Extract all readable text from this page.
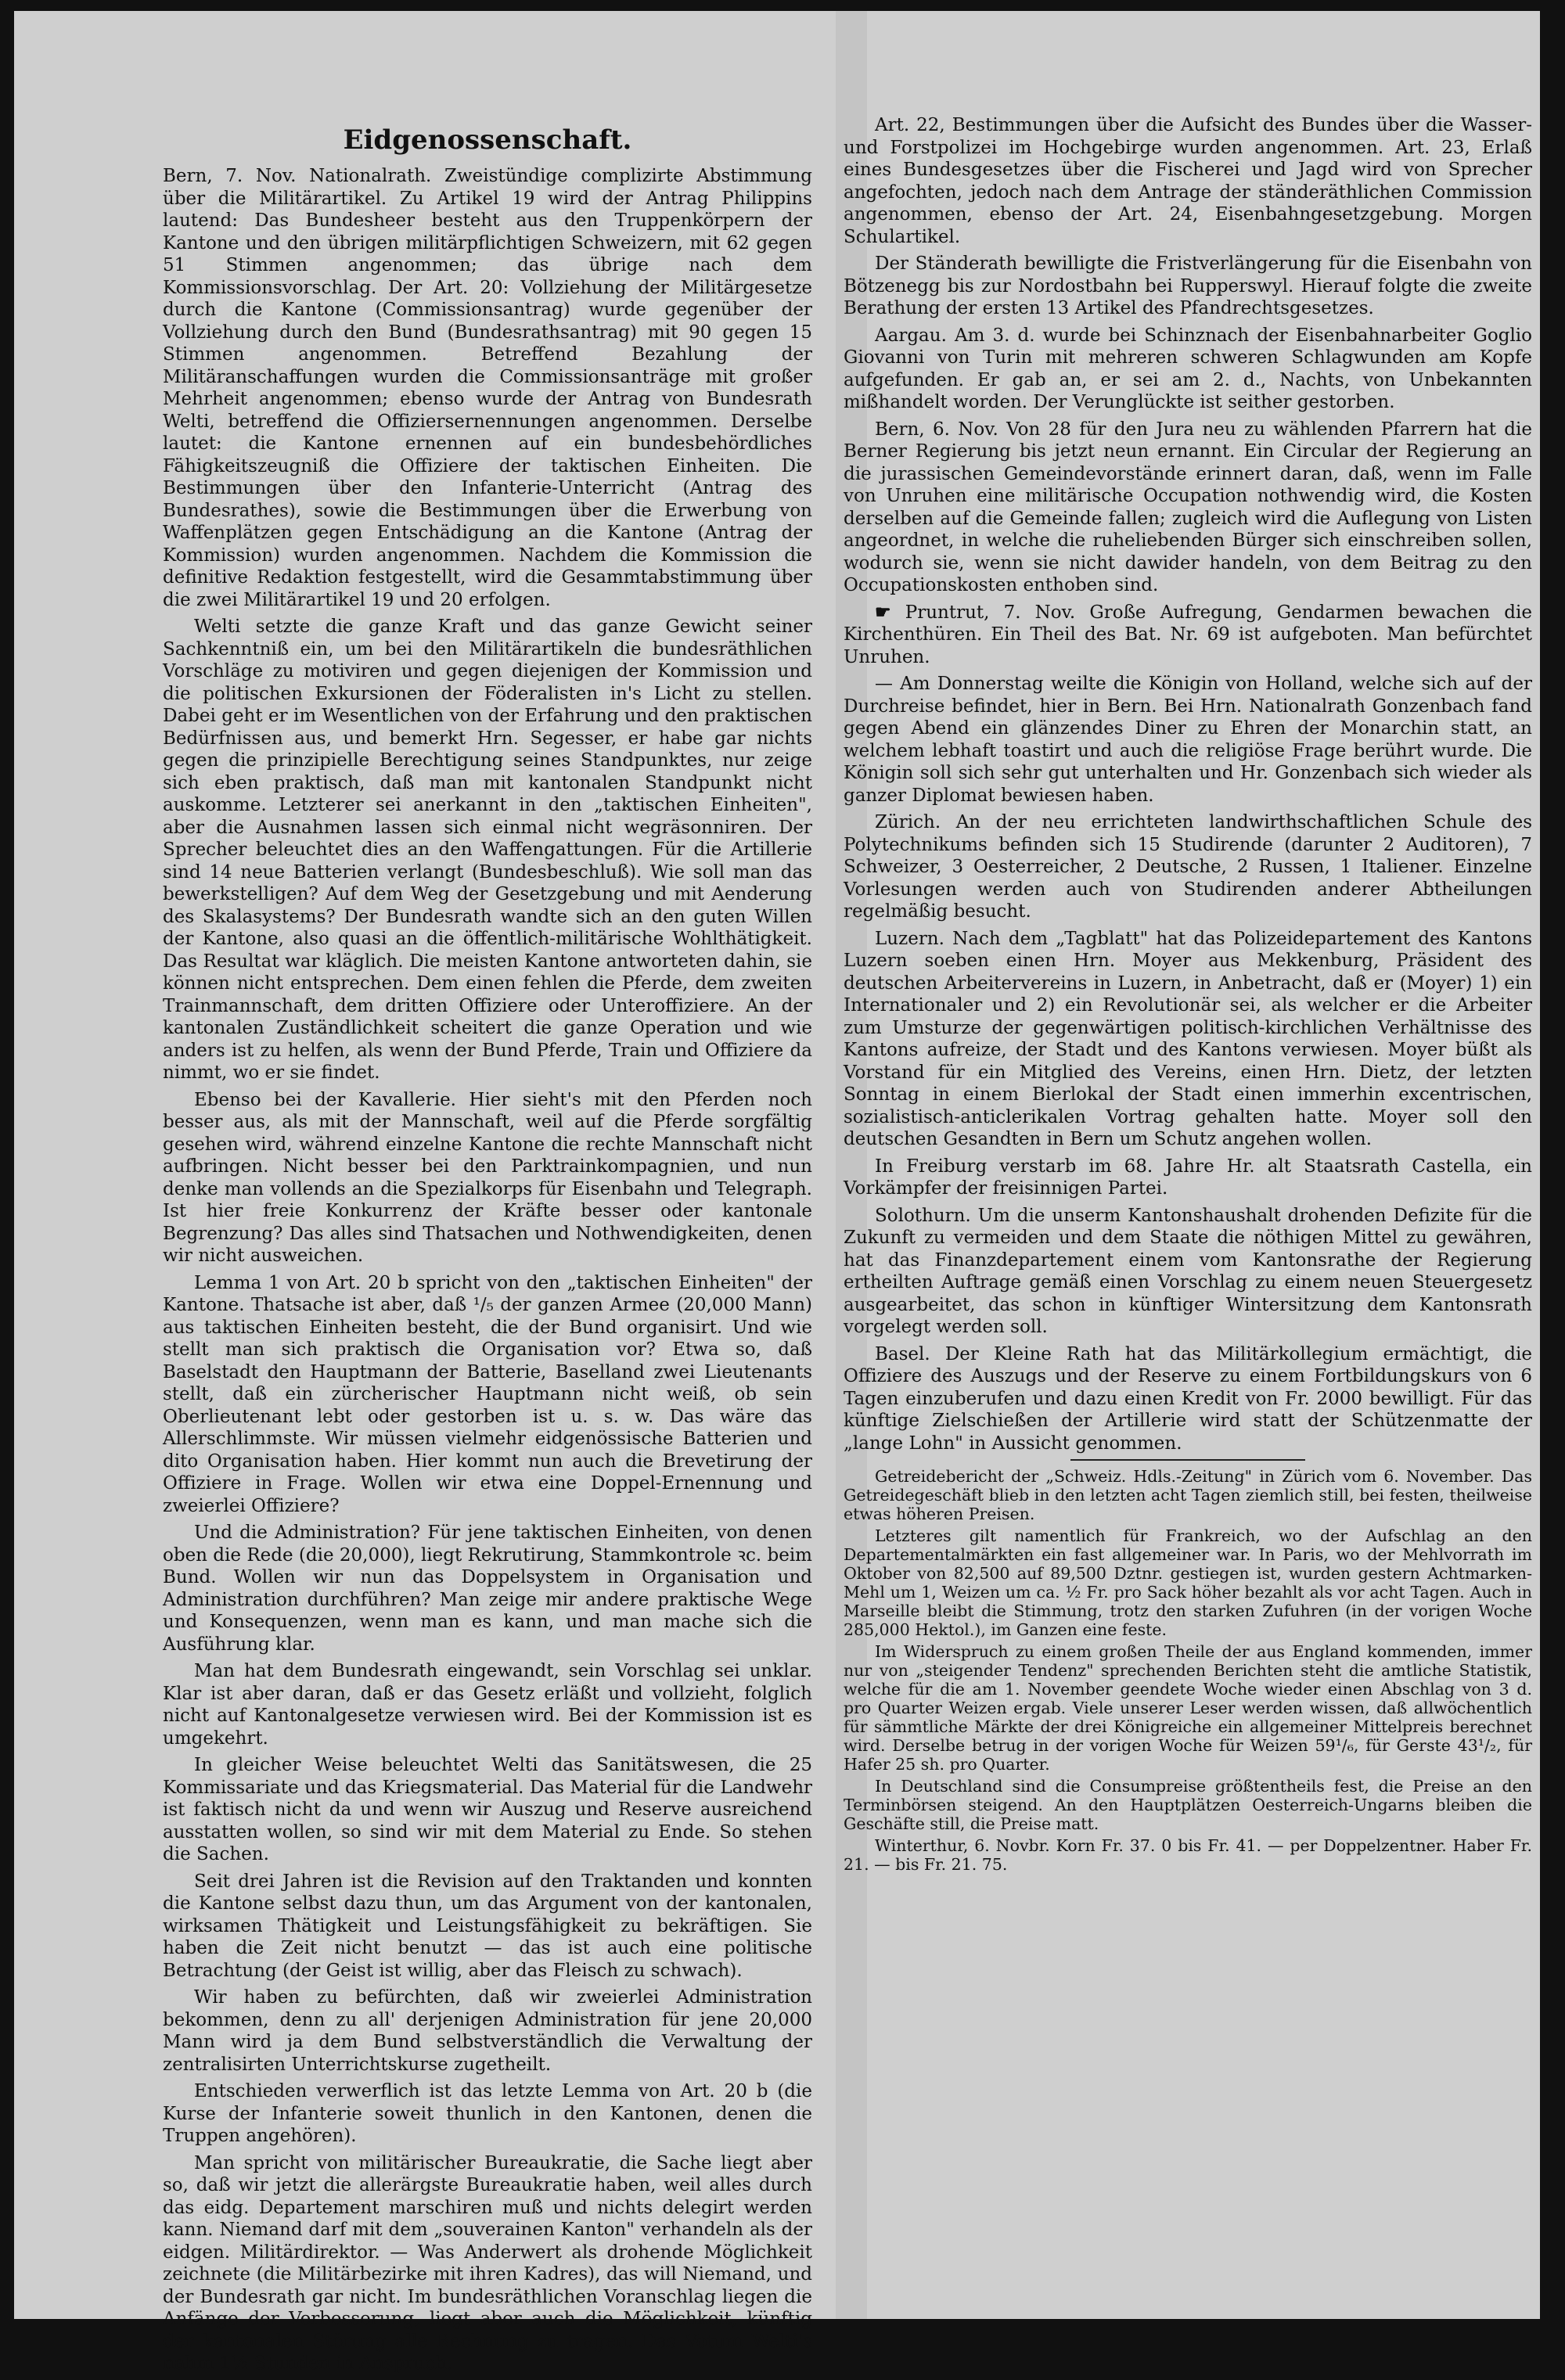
Eidgenossenschaft.

Bern, 7. Nov. Nationalrath. Zweistündige complizirte Abstimmung über die Militärartikel. Zu Artikel 19 wird der Antrag Philippins lautend: Das Bundesheer besteht aus den Truppenkörpern der Kantone und den übrigen militärpflichtigen Schweizern, mit 62 gegen 51 Stimmen angenommen; das übrige nach dem Kommissionsvorschlag. Der Art. 20: Vollziehung der Militärgesetze durch die Kantone (Commissionsantrag) wurde gegenüber der Vollziehung durch den Bund (Bundesrathsantrag) mit 90 gegen 15 Stimmen angenommen. Betreffend Bezahlung der Militäranschaffungen wurden die Commissionsanträge mit großer Mehrheit angenommen; ebenso wurde der Antrag von Bundesrath Welti, betreffend die Offiziersernennungen angenommen. Derselbe lautet: die Kantone ernennen auf ein bundesbehördliches Fähigkeitszeugniß die Offiziere der taktischen Einheiten. Die Bestimmungen über den Infanterie-Unterricht (Antrag des Bundesrathes), sowie die Bestimmungen über die Erwerbung von Waffenplätzen gegen Entschädigung an die Kantone (Antrag der Kommission) wurden angenommen. Nachdem die Kommission die definitive Redaktion festgestellt, wird die Gesammtabstimmung über die zwei Militärartikel 19 und 20 erfolgen.

Welti setzte die ganze Kraft und das ganze Gewicht seiner Sachkenntniß ein, um bei den Militärartikeln die bundesräthlichen Vorschläge zu motiviren und gegen diejenigen der Kommission und die politischen Exkursionen der Föderalisten in's Licht zu stellen. Dabei geht er im Wesentlichen von der Erfahrung und den praktischen Bedürfnissen aus, und bemerkt Hrn. Segesser, er habe gar nichts gegen die prinzipielle Berechtigung seines Standpunktes, nur zeige sich eben praktisch, daß man mit kantonalen Standpunkt nicht auskomme. Letzterer sei anerkannt in den „taktischen Einheiten", aber die Ausnahmen lassen sich einmal nicht wegräsonniren. Der Sprecher beleuchtet dies an den Waffengattungen. Für die Artillerie sind 14 neue Batterien verlangt (Bundesbeschluß). Wie soll man das bewerkstelligen? Auf dem Weg der Gesetzgebung und mit Aenderung des Skalasystems? Der Bundesrath wandte sich an den guten Willen der Kantone, also quasi an die öffentlich-militärische Wohlthätigkeit. Das Resultat war kläglich. Die meisten Kantone antworteten dahin, sie können nicht entsprechen. Dem einen fehlen die Pferde, dem zweiten Trainmannschaft, dem dritten Offiziere oder Unteroffiziere. An der kantonalen Zuständlichkeit scheitert die ganze Operation und wie anders ist zu helfen, als wenn der Bund Pferde, Train und Offiziere da nimmt, wo er sie findet.

Ebenso bei der Kavallerie. Hier sieht's mit den Pferden noch besser aus, als mit der Mannschaft, weil auf die Pferde sorgfältig gesehen wird, während einzelne Kantone die rechte Mannschaft nicht aufbringen. Nicht besser bei den Parktrainkompagnien, und nun denke man vollends an die Spezialkorps für Eisenbahn und Telegraph. Ist hier freie Konkurrenz der Kräfte besser oder kantonale Begrenzung? Das alles sind Thatsachen und Nothwendigkeiten, denen wir nicht ausweichen.

Lemma 1 von Art. 20 b spricht von den „taktischen Einheiten" der Kantone. Thatsache ist aber, daß ¹/₅ der ganzen Armee (20,000 Mann) aus taktischen Einheiten besteht, die der Bund organisirt. Und wie stellt man sich praktisch die Organisation vor? Etwa so, daß Baselstadt den Hauptmann der Batterie, Baselland zwei Lieutenants stellt, daß ein zürcherischer Hauptmann nicht weiß, ob sein Oberlieutenant lebt oder gestorben ist u. s. w. Das wäre das Allerschlimmste. Wir müssen vielmehr eidgenössische Batterien und dito Organisation haben. Hier kommt nun auch die Brevetirung der Offiziere in Frage. Wollen wir etwa eine Doppel-Ernennung und zweierlei Offiziere?

Und die Administration? Für jene taktischen Einheiten, von denen oben die Rede (die 20,000), liegt Rekrutirung, Stammkontrole ꝛc. beim Bund. Wollen wir nun das Doppelsystem in Organisation und Administration durchführen? Man zeige mir andere praktische Wege und Konsequenzen, wenn man es kann, und man mache sich die Ausführung klar.

Man hat dem Bundesrath eingewandt, sein Vorschlag sei unklar. Klar ist aber daran, daß er das Gesetz erläßt und vollzieht, folglich nicht auf Kantonalgesetze verwiesen wird. Bei der Kommission ist es umgekehrt.

In gleicher Weise beleuchtet Welti das Sanitätswesen, die 25 Kommissariate und das Kriegsmaterial. Das Material für die Landwehr ist faktisch nicht da und wenn wir Auszug und Reserve ausreichend ausstatten wollen, so sind wir mit dem Material zu Ende. So stehen die Sachen.

Seit drei Jahren ist die Revision auf den Traktanden und konnten die Kantone selbst dazu thun, um das Argument von der kantonalen, wirksamen Thätigkeit und Leistungsfähigkeit zu bekräftigen. Sie haben die Zeit nicht benutzt — das ist auch eine politische Betrachtung (der Geist ist willig, aber das Fleisch zu schwach).

Wir haben zu befürchten, daß wir zweierlei Administration bekommen, denn zu all' derjenigen Administration für jene 20,000 Mann wird ja dem Bund selbstverständlich die Verwaltung der zentralisirten Unterrichtskurse zugetheilt.

Entschieden verwerflich ist das letzte Lemma von Art. 20 b (die Kurse der Infanterie soweit thunlich in den Kantonen, denen die Truppen angehören).

Man spricht von militärischer Bureaukratie, die Sache liegt aber so, daß wir jetzt die allerärgste Bureaukratie haben, weil alles durch das eidg. Departement marschiren muß und nichts delegirt werden kann. Niemand darf mit dem „souverainen Kanton" verhandeln als der eidgen. Militärdirektor. — Was Anderwert als drohende Möglichkeit zeichnete (die Militärbezirke mit ihren Kadres), das will Niemand, und der Bundesrath gar nicht. Im bundesräthlichen Voranschlag liegen die Anfänge der Verbesserung, liegt aber auch die Möglichkeit, künftig der kantonalen Störung alle Rechnung zu tragen. Das Votum Welti's nahm 1½ Stunden in Anspruch.

Art. 22, Bestimmungen über die Aufsicht des Bundes über die Wasser- und Forstpolizei im Hochgebirge wurden angenommen. Art. 23, Erlaß eines Bundesgesetzes über die Fischerei und Jagd wird von Sprecher angefochten, jedoch nach dem Antrage der ständeräthlichen Commission angenommen, ebenso der Art. 24, Eisenbahngesetzgebung. Morgen Schulartikel.

Der Ständerath bewilligte die Fristverlängerung für die Eisenbahn von Bötzenegg bis zur Nordostbahn bei Rupperswyl. Hierauf folgte die zweite Berathung der ersten 13 Artikel des Pfandrechtsgesetzes.

Aargau. Am 3. d. wurde bei Schinznach der Eisenbahnarbeiter Goglio Giovanni von Turin mit mehreren schweren Schlagwunden am Kopfe aufgefunden. Er gab an, er sei am 2. d., Nachts, von Unbekannten mißhandelt worden. Der Verunglückte ist seither gestorben.

Bern, 6. Nov. Von 28 für den Jura neu zu wählenden Pfarrern hat die Berner Regierung bis jetzt neun ernannt. Ein Circular der Regierung an die jurassischen Gemeindevorstände erinnert daran, daß, wenn im Falle von Unruhen eine militärische Occupation nothwendig wird, die Kosten derselben auf die Gemeinde fallen; zugleich wird die Auflegung von Listen angeordnet, in welche die ruheliebenden Bürger sich einschreiben sollen, wodurch sie, wenn sie nicht dawider handeln, von dem Beitrag zu den Occupationskosten enthoben sind.

☛ Pruntrut, 7. Nov. Große Aufregung, Gendarmen bewachen die Kirchenthüren. Ein Theil des Bat. Nr. 69 ist aufgeboten. Man befürchtet Unruhen.

— Am Donnerstag weilte die Königin von Holland, welche sich auf der Durchreise befindet, hier in Bern. Bei Hrn. Nationalrath Gonzenbach fand gegen Abend ein glänzendes Diner zu Ehren der Monarchin statt, an welchem lebhaft toastirt und auch die religiöse Frage berührt wurde. Die Königin soll sich sehr gut unterhalten und Hr. Gonzenbach sich wieder als ganzer Diplomat bewiesen haben.

Zürich. An der neu errichteten landwirthschaftlichen Schule des Polytechnikums befinden sich 15 Studirende (darunter 2 Auditoren), 7 Schweizer, 3 Oesterreicher, 2 Deutsche, 2 Russen, 1 Italiener. Einzelne Vorlesungen werden auch von Studirenden anderer Abtheilungen regelmäßig besucht.

Luzern. Nach dem „Tagblatt" hat das Polizeidepartement des Kantons Luzern soeben einen Hrn. Moyer aus Mekkenburg, Präsident des deutschen Arbeitervereins in Luzern, in Anbetracht, daß er (Moyer) 1) ein Internationaler und 2) ein Revolutionär sei, als welcher er die Arbeiter zum Umsturze der gegenwärtigen politisch-kirchlichen Verhältnisse des Kantons aufreize, der Stadt und des Kantons verwiesen. Moyer büßt als Vorstand für ein Mitglied des Vereins, einen Hrn. Dietz, der letzten Sonntag in einem Bierlokal der Stadt einen immerhin excentrischen, sozialistisch-anticlerikalen Vortrag gehalten hatte. Moyer soll den deutschen Gesandten in Bern um Schutz angehen wollen.

In Freiburg verstarb im 68. Jahre Hr. alt Staatsrath Castella, ein Vorkämpfer der freisinnigen Partei.

Solothurn. Um die unserm Kantonshaushalt drohenden Defizite für die Zukunft zu vermeiden und dem Staate die nöthigen Mittel zu gewähren, hat das Finanzdepartement einem vom Kantonsrathe der Regierung ertheilten Auftrage gemäß einen Vorschlag zu einem neuen Steuergesetz ausgearbeitet, das schon in künftiger Wintersitzung dem Kantonsrath vorgelegt werden soll.

Basel. Der Kleine Rath hat das Militärkollegium ermächtigt, die Offiziere des Auszugs und der Reserve zu einem Fortbildungskurs von 6 Tagen einzuberufen und dazu einen Kredit von Fr. 2000 bewilligt. Für das künftige Zielschießen der Artillerie wird statt der Schützenmatte der „lange Lohn" in Aussicht genommen.

Getreidebericht der „Schweiz. Hdls.-Zeitung" in Zürich vom 6. November. Das Getreidegeschäft blieb in den letzten acht Tagen ziemlich still, bei festen, theilweise etwas höheren Preisen.

Letzteres gilt namentlich für Frankreich, wo der Aufschlag an den Departementalmärkten ein fast allgemeiner war. In Paris, wo der Mehlvorrath im Oktober von 82,500 auf 89,500 Dztnr. gestiegen ist, wurden gestern Achtmarken-Mehl um 1, Weizen um ca. ½ Fr. pro Sack höher bezahlt als vor acht Tagen. Auch in Marseille bleibt die Stimmung, trotz den starken Zufuhren (in der vorigen Woche 285,000 Hektol.), im Ganzen eine feste.

Im Widerspruch zu einem großen Theile der aus England kommenden, immer nur von „steigender Tendenz" sprechenden Berichten steht die amtliche Statistik, welche für die am 1. November geendete Woche wieder einen Abschlag von 3 d. pro Quarter Weizen ergab. Viele unserer Leser werden wissen, daß allwöchentlich für sämmtliche Märkte der drei Königreiche ein allgemeiner Mittelpreis berechnet wird. Derselbe betrug in der vorigen Woche für Weizen 59¹/₆, für Gerste 43¹/₂, für Hafer 25 sh. pro Quarter.

In Deutschland sind die Consumpreise größtentheils fest, die Preise an den Terminbörsen steigend. An den Hauptplätzen Oesterreich-Ungarns bleiben die Geschäfte still, die Preise matt.

Winterthur, 6. Novbr. Korn Fr. 37. 0 bis Fr. 41. — per Doppelzentner. Haber Fr. 21. — bis Fr. 21. 75.
